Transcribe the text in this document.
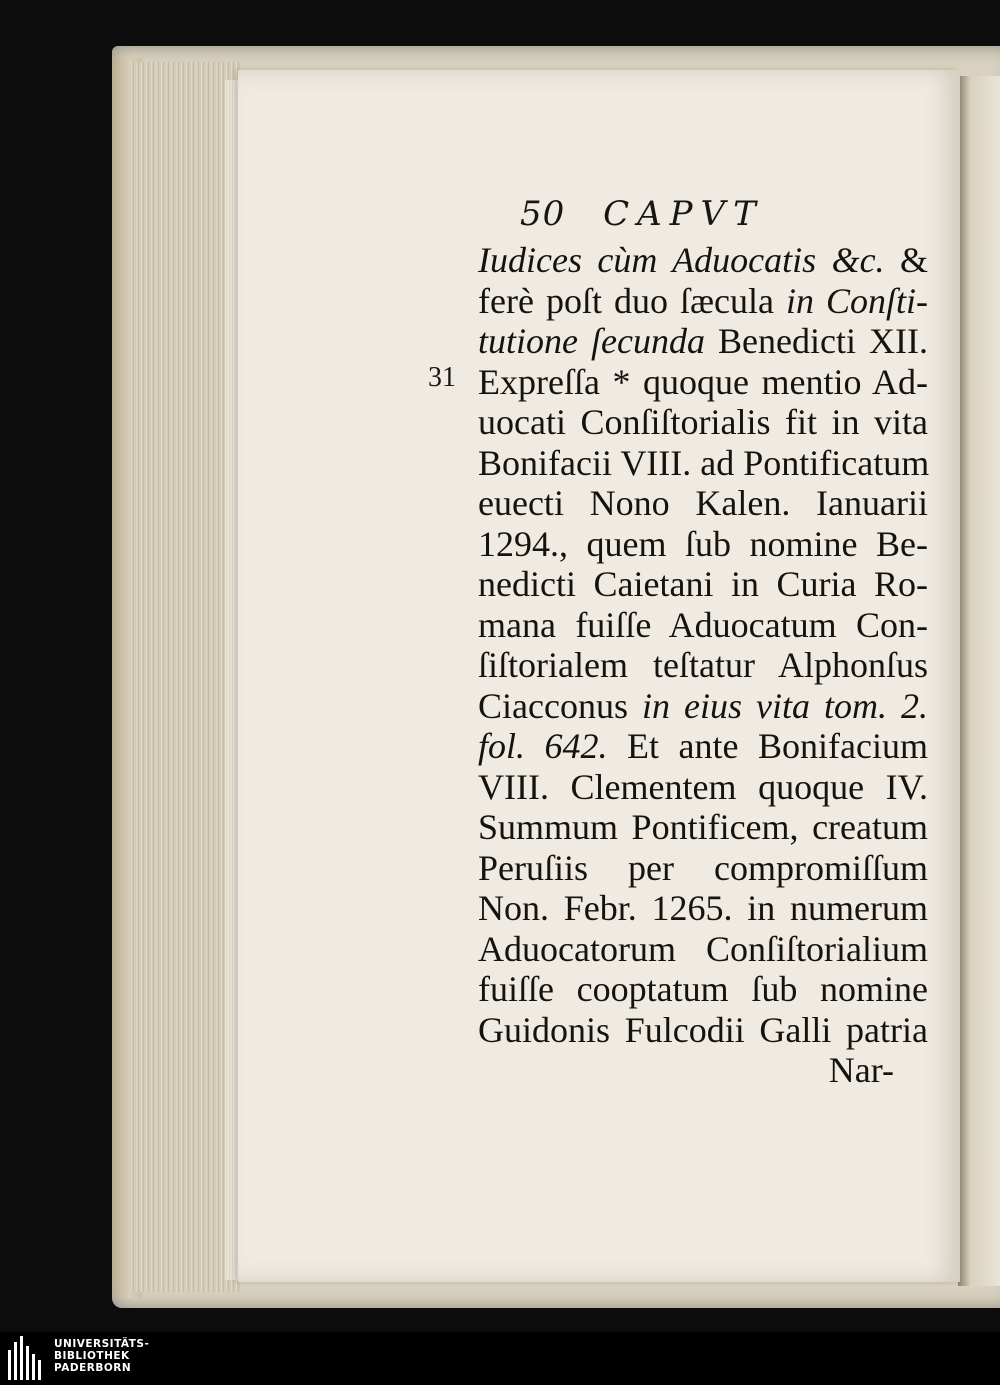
50 CAPVT
31
Iudices cùm Aduocatis &c. &
ferè poſt duo ſæcula in Conſti-
tutione ſecunda Benedicti XII.
Expreſſa * quoque mentio Ad-
uocati Conſiſtorialis fit in vita
Bonifacii VIII. ad Pontificatum
euecti Nono Kalen. Ianuarii
1294., quem ſub nomine Be-
nedicti Caietani in Curia Ro-
mana fuiſſe Aduocatum Con-
ſiſtorialem teſtatur Alphonſus
Ciacconus in eius vita tom. 2.
fol. 642. Et ante Bonifacium
VIII. Clementem quoque IV.
Summum Pontificem, creatum
Peruſiis per compromiſſum
Non. Febr. 1265. in numerum
Aduocatorum Conſiſtorialium
fuiſſe cooptatum ſub nomine
Guidonis Fulcodii Galli patria
Nar-
UNIVERSITÄTS-
BIBLIOTHEK
PADERBORN
